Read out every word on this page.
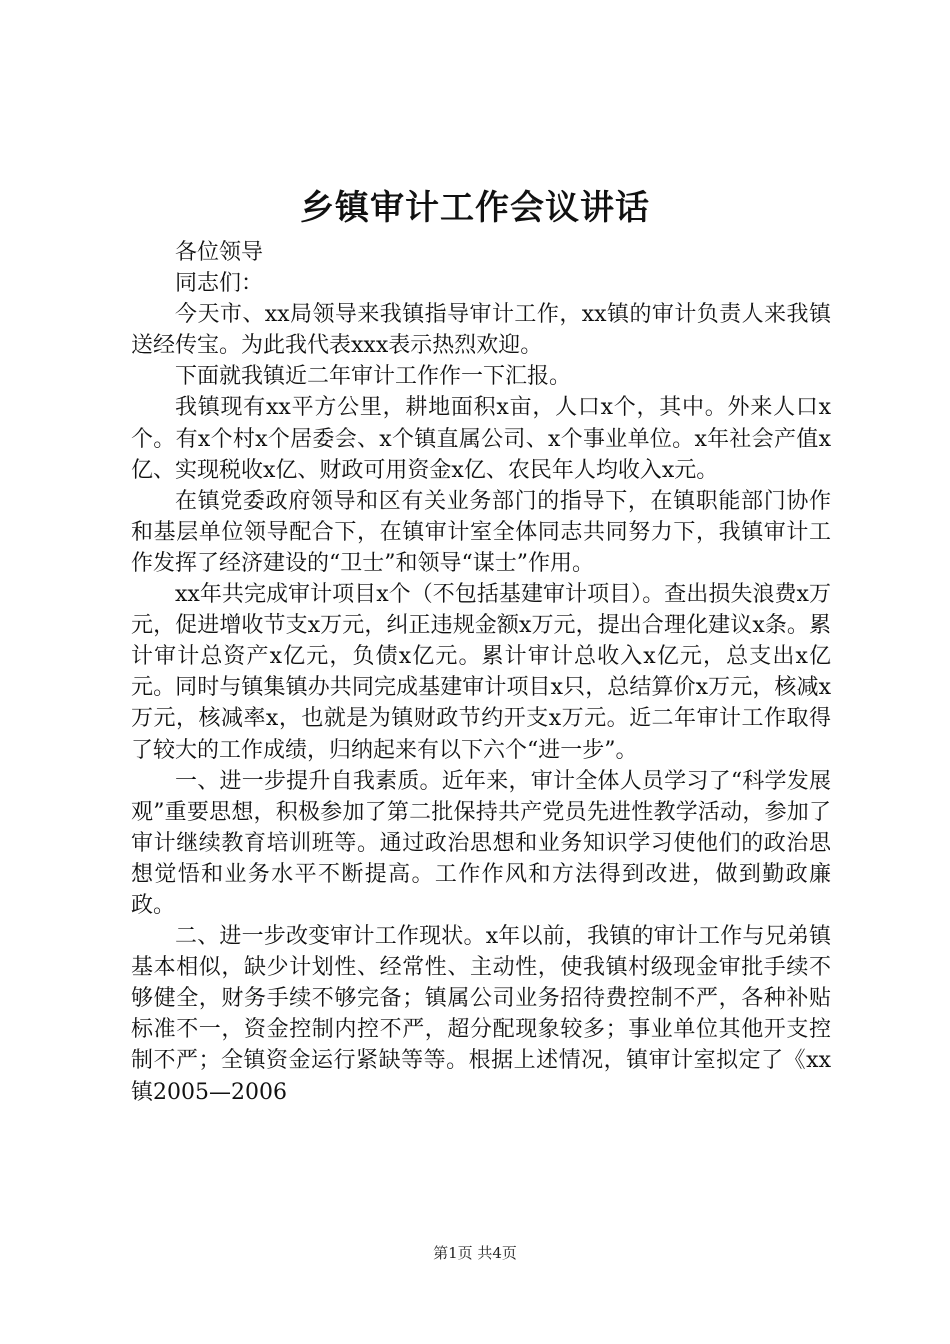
乡镇审计工作会议讲话

各位领导

同志们：

今天市、xx局领导来我镇指导审计工作，xx镇的审计负责人来我镇送经传宝。为此我代表xxx表示热烈欢迎。

下面就我镇近二年审计工作作一下汇报。

我镇现有xx平方公里，耕地面积x亩，人口x个，其中。外来人口x个。有x个村x个居委会、x个镇直属公司、x个事业单位。x年社会产值x亿、实现税收x亿、财政可用资金x亿、农民年人均收入x元。

在镇党委政府领导和区有关业务部门的指导下，在镇职能部门协作和基层单位领导配合下，在镇审计室全体同志共同努力下，我镇审计工作发挥了经济建设的“卫士”和领导“谋士”作用。

xx年共完成审计项目x个（不包括基建审计项目）。查出损失浪费x万元，促进增收节支x万元，纠正违规金额x万元，提出合理化建议x条。累计审计总资产x亿元，负债x亿元。累计审计总收入x亿元，总支出x亿元。同时与镇集镇办共同完成基建审计项目x只，总结算价x万元，核减x万元，核减率x，也就是为镇财政节约开支x万元。近二年审计工作取得了较大的工作成绩，归纳起来有以下六个“进一步”。

一、进一步提升自我素质。近年来，审计全体人员学习了“科学发展观”重要思想，积极参加了第二批保持共产党员先进性教学活动，参加了审计继续教育培训班等。通过政治思想和业务知识学习使他们的政治思想觉悟和业务水平不断提高。工作作风和方法得到改进，做到勤政廉政。

二、进一步改变审计工作现状。x年以前，我镇的审计工作与兄弟镇基本相似，缺少计划性、经常性、主动性，使我镇村级现金审批手续不够健全，财务手续不够完备；镇属公司业务招待费控制不严，各种补贴标准不一，资金控制内控不严，超分配现象较多；事业单位其他开支控制不严；全镇资金运行紧缺等等。根据上述情况，镇审计室拟定了《xx镇2005—2006

第1页 共4页
